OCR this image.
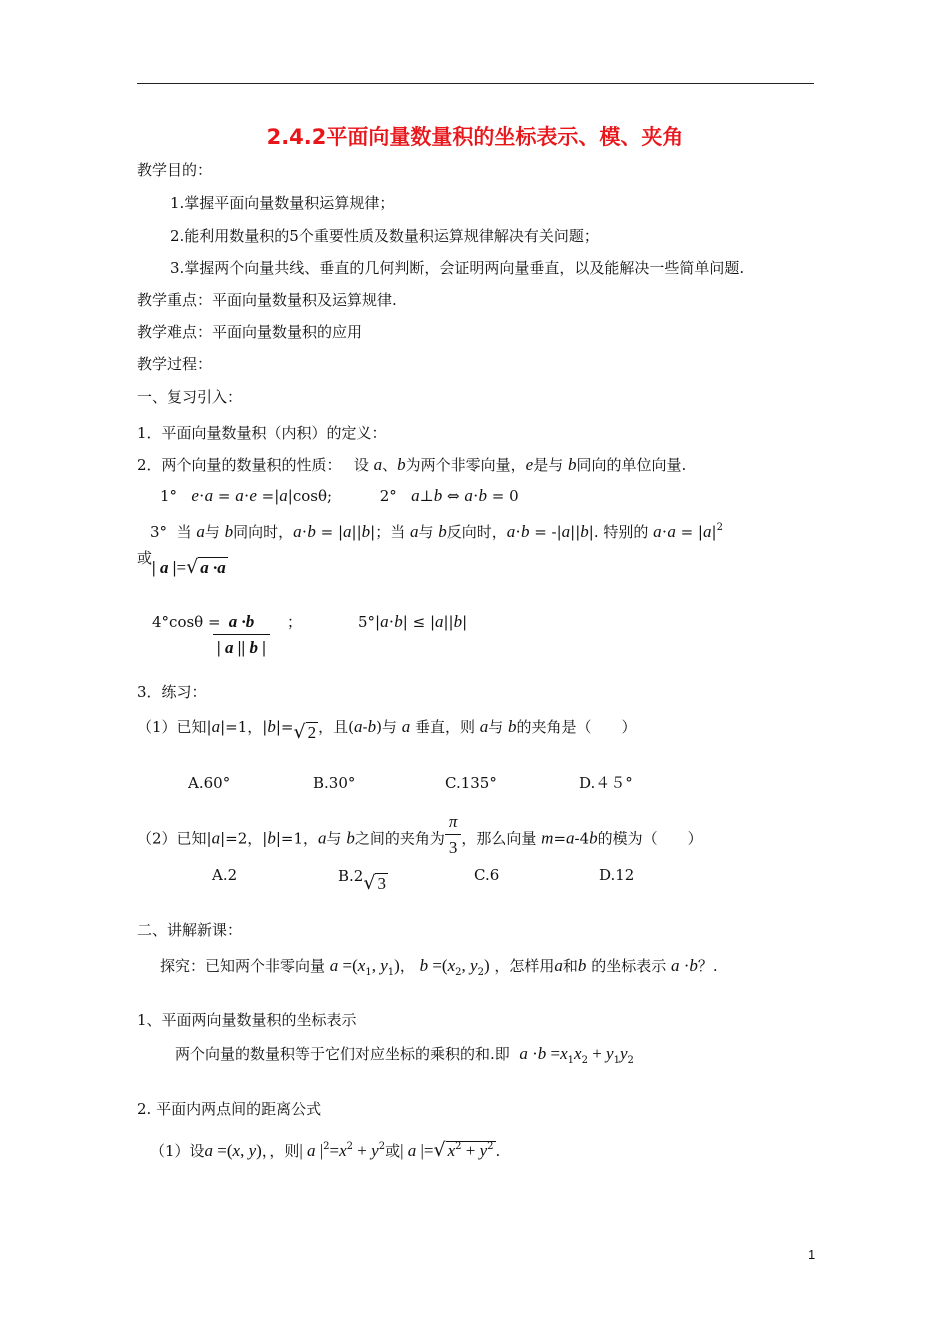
2.4.2平面向量数量积的坐标表示、模、夹角
教学目的：
1.掌握平面向量数量积运算规律；
2.能利用数量积的5个重要性质及数量积运算规律解决有关问题；
3.掌握两个向量共线、垂直的几何判断，会证明两向量垂直，以及能解决一些简单问题.
教学重点：平面向量数量积及运算规律.
教学难点：平面向量数量积的应用
教学过程：
一、复习引入：
1．平面向量数量积（内积）的定义：
2．两个向量的数量积的性质：　 设 a、b为两个非零向量，e是与 b同向的单位向量.
1° e·a = a·e =|a|cosθ;          2° a⊥b ⇔ a·b = 0
3° 当 a与 b同向时，a·b = |a||b|；当 a与 b反向时，a·b = -|a||b|. 特别的 $a\cdot a = |a|^2$
或 | a |=√ a ·a
4°cosθ =
$\frac{a \cdot b}{| a || b |}$ ；	5°|a·b| ≤ |a||b|
3．练习：
（1）已知|a|=1，|b|=√ 2 ，且(a-b)与 a 垂直，则 a与 b的夹角是（　　）
A.60°	B.30°	C.135°	D.４５°
（2）已知|a|=2，|b|=1，a与 b之间的夹角为 $\frac{\pi}{3}$ ，那么向量 m=a-4b的模为（　　）
A.2	B.2√ 3	C.6	D.12
二、讲解新课：
探究：已知两个非零向量 $a =(x_1$, $y_1$)， $b =(x_2$, $y_2$) ，怎样用a和b 的坐标表示 a ·b？.
1、平面两向量数量积的坐标表示
两个向量的数量积等于它们对应坐标的乘积的和.即 $a \cdot b =x_1x_2 + y_1y_2$
2. 平面内两点间的距离公式
（1）设a =(x, y)，，则| a $|^2=x^2 + y^2$或| a |=√ $x^2 + y^2$ .
1
